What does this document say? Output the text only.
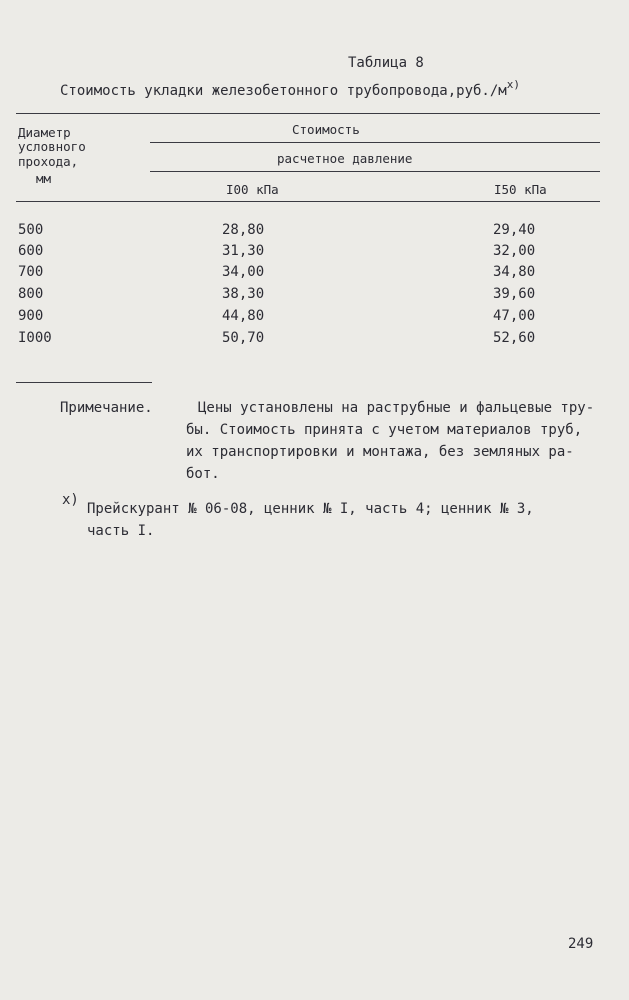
Таблица 8
Стоимость укладки железобетонного $трубопровода,руб./м^{x)}$
Диаметр
условного
прохода,
мм
Стоимость
расчетное давление
I00 кПа	I50 кПа
500	28,80	29,40
600	31,30	32,00
700	34,00	34,80
800	38,30	39,60
900	44,80	47,00
I000	50,70	52,60
Примечание.	Цены установлены на раструбные и фальцевые тру-
бы. Стоимость принята с учетом материалов труб,
их транспортировки и монтажа, без земляных ра-
бот.
x)
Прейскурант № 06-08, ценник № I, часть 4; ценник № 3,
часть I.
249
